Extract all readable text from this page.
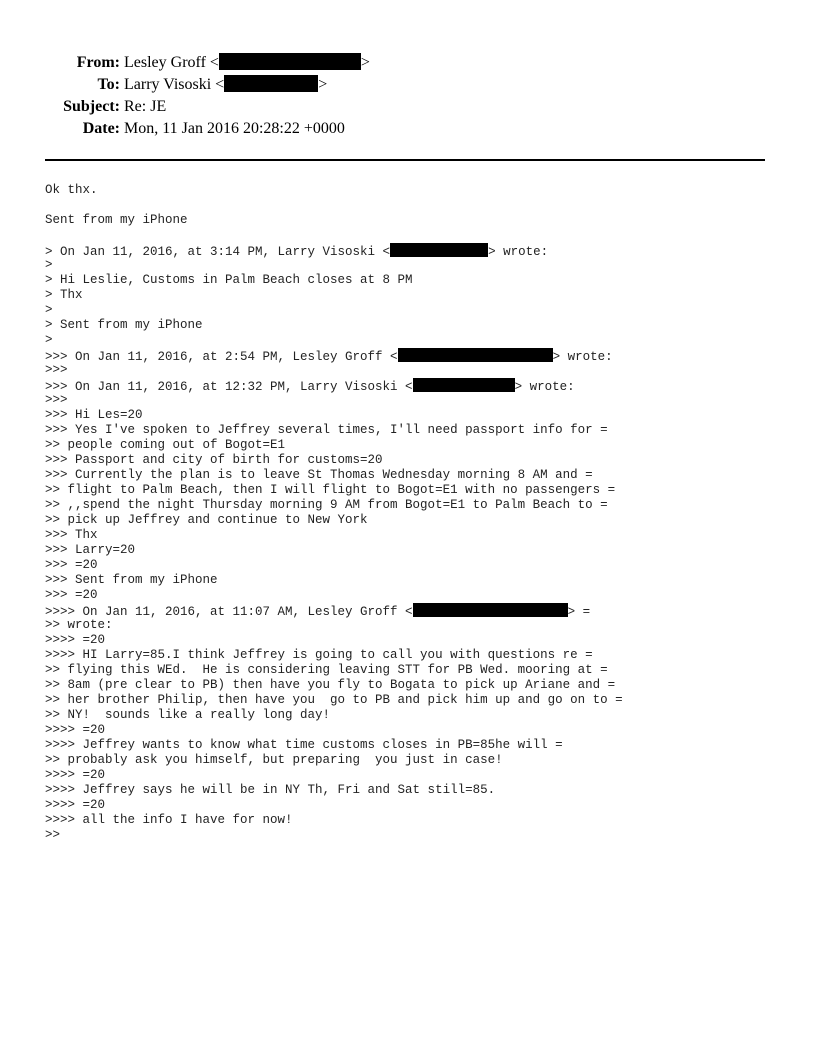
From: Lesley Groff <	>
To: Larry Visoski <	>
Subject: Re: JE
Date: Mon, 11 Jan 2016 20:28:22 +0000
Ok thx.
Sent from my iPhone
> On Jan 11, 2016, at 3:14 PM, Larry Visoski <	> wrote:
>
> Hi Leslie, Customs in Palm Beach closes at 8 PM
> Thx
>
> Sent from my iPhone
>
>>> On Jan 11, 2016, at 2:54 PM, Lesley Groff <	> wrote:
>>>
>>> On Jan 11, 2016, at 12:32 PM, Larry Visoski <	> wrote:
>>>
>>> Hi Les=20
>>> Yes I've spoken to Jeffrey several times, I'll need passport info for =
>> people coming out of Bogot=E1
>>> Passport and city of birth for customs=20
>>> Currently the plan is to leave St Thomas Wednesday morning 8 AM and =
>> flight to Palm Beach, then I will flight to Bogot=E1 with no passengers =
>> ,,spend the night Thursday morning 9 AM from Bogot=E1 to Palm Beach to =
>> pick up Jeffrey and continue to New York
>>> Thx
>>> Larry=20
>>> =20
>>> Sent from my iPhone
>>> =20
>>>> On Jan 11, 2016, at 11:07 AM, Lesley Groff <	> =
>> wrote:
>>>> =20
>>>> HI Larry=85.I think Jeffrey is going to call you with questions re =
>> flying this WEd.  He is considering leaving STT for PB Wed. mooring at =
>> 8am (pre clear to PB) then have you fly to Bogata to pick up Ariane and =
>> her brother Philip, then have you  go to PB and pick him up and go on to =
>> NY!  sounds like a really long day!
>>>> =20
>>>> Jeffrey wants to know what time customs closes in PB=85he will =
>> probably ask you himself, but preparing  you just in case!
>>>> =20
>>>> Jeffrey says he will be in NY Th, Fri and Sat still=85.
>>>> =20
>>>> all the info I have for now!
>>
